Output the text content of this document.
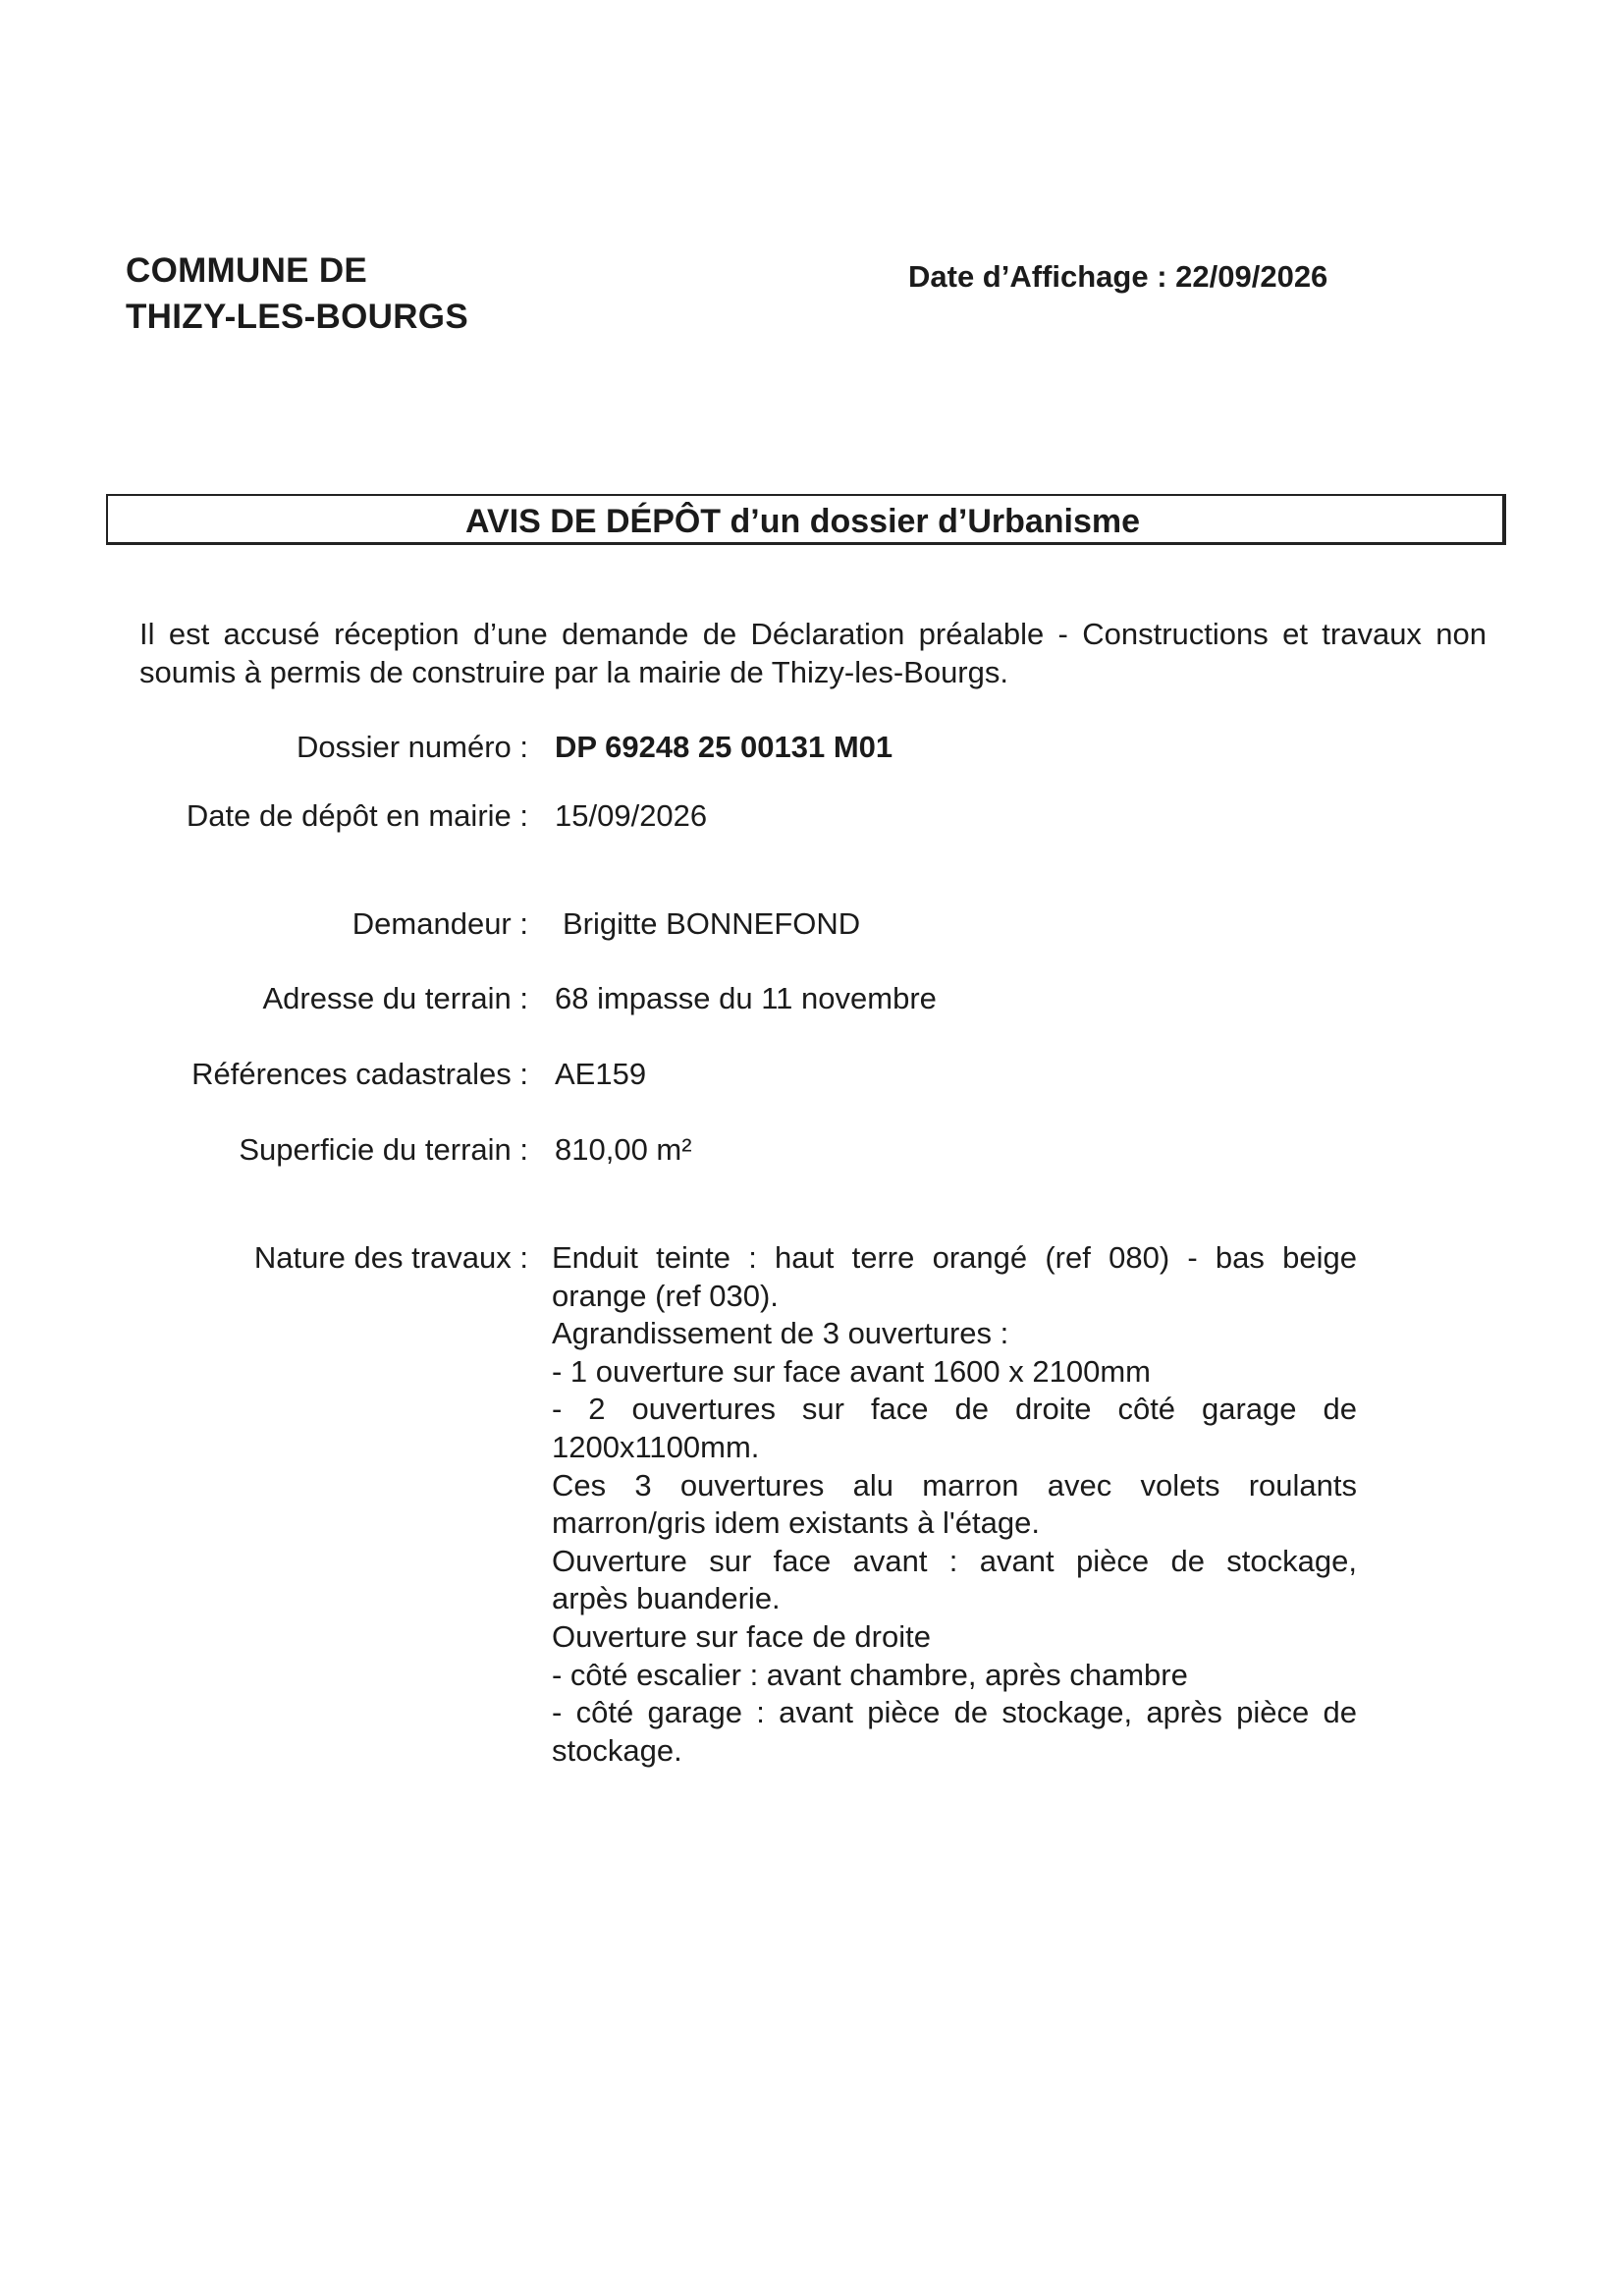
COMMUNE DE
THIZY-LES-BOURGS
Date d’Affichage : 22/09/2026
AVIS DE DÉPÔT d’un dossier d’Urbanisme
Il est accusé réception d’une demande de Déclaration préalable - Constructions et travaux non soumis à permis de construire par la mairie de Thizy-les-Bourgs.
Dossier numéro : DP 69248 25 00131 M01
Date de dépôt en mairie : 15/09/2026
Demandeur : Brigitte BONNEFOND
Adresse du terrain : 68 impasse du 11 novembre
Références cadastrales : AE159
Superficie du terrain : 810,00 m²
Nature des travaux : Enduit teinte : haut terre orangé (ref 080) - bas beige
orange (ref 030).
Agrandissement de 3 ouvertures :
- 1 ouverture sur face avant 1600 x 2100mm
- 2 ouvertures sur face de droite côté garage de
1200x1100mm.
Ces 3 ouvertures alu marron avec volets roulants
marron/gris idem existants à l'étage.
Ouverture sur face avant : avant pièce de stockage,
arpès buanderie.
Ouverture sur face de droite
- côté escalier : avant chambre, après chambre
- côté garage : avant pièce de stockage, après pièce de
stockage.
